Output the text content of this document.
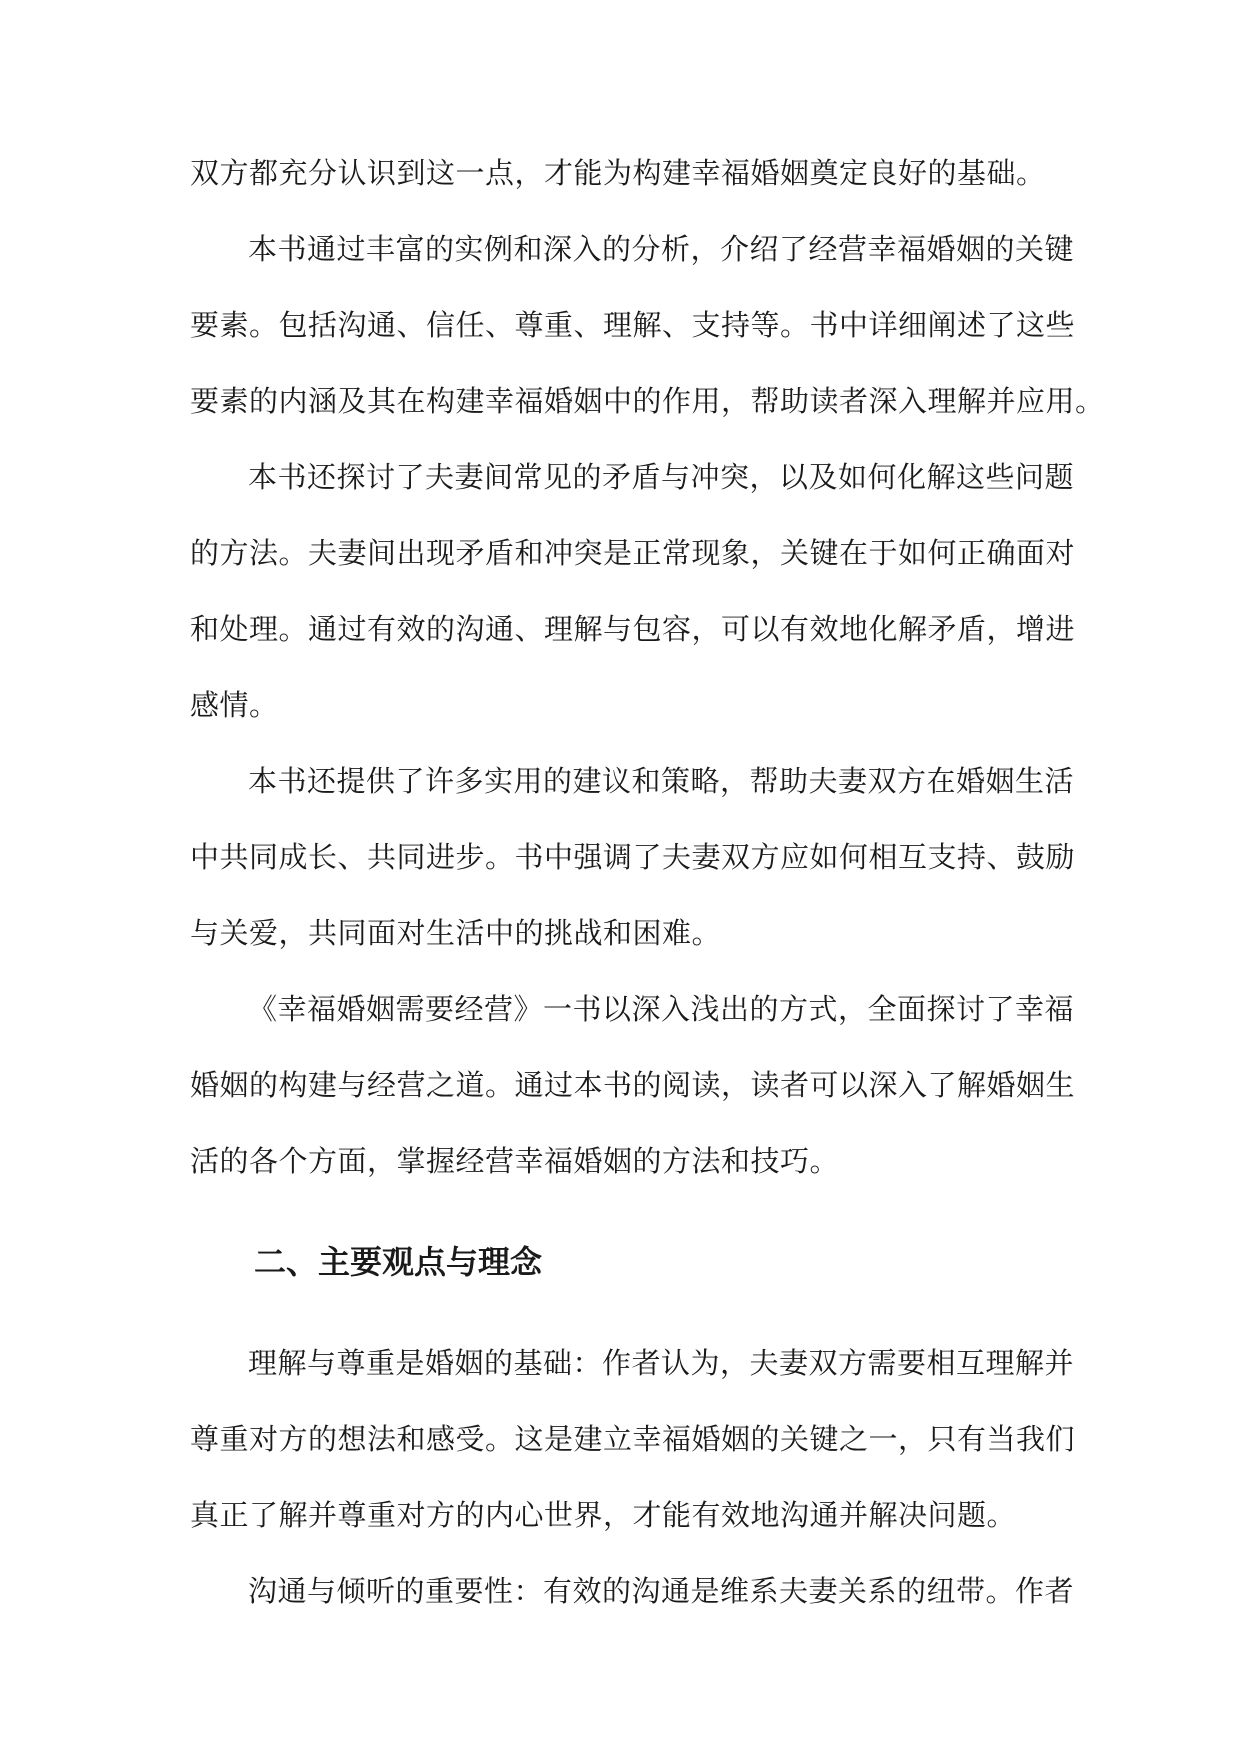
双方都充分认识到这一点，才能为构建幸福婚姻奠定良好的基础。
本书通过丰富的实例和深入的分析，介绍了经营幸福婚姻的关键
要素。包括沟通、信任、尊重、理解、支持等。书中详细阐述了这些
要素的内涵及其在构建幸福婚姻中的作用，帮助读者深入理解并应用。
本书还探讨了夫妻间常见的矛盾与冲突，以及如何化解这些问题
的方法。夫妻间出现矛盾和冲突是正常现象，关键在于如何正确面对
和处理。通过有效的沟通、理解与包容，可以有效地化解矛盾，增进
感情。
本书还提供了许多实用的建议和策略，帮助夫妻双方在婚姻生活
中共同成长、共同进步。书中强调了夫妻双方应如何相互支持、鼓励
与关爱，共同面对生活中的挑战和困难。
《幸福婚姻需要经营》一书以深入浅出的方式，全面探讨了幸福
婚姻的构建与经营之道。通过本书的阅读，读者可以深入了解婚姻生
活的各个方面，掌握经营幸福婚姻的方法和技巧。
二、主要观点与理念
理解与尊重是婚姻的基础：作者认为，夫妻双方需要相互理解并
尊重对方的想法和感受。这是建立幸福婚姻的关键之一，只有当我们
真正了解并尊重对方的内心世界，才能有效地沟通并解决问题。
沟通与倾听的重要性：有效的沟通是维系夫妻关系的纽带。作者
